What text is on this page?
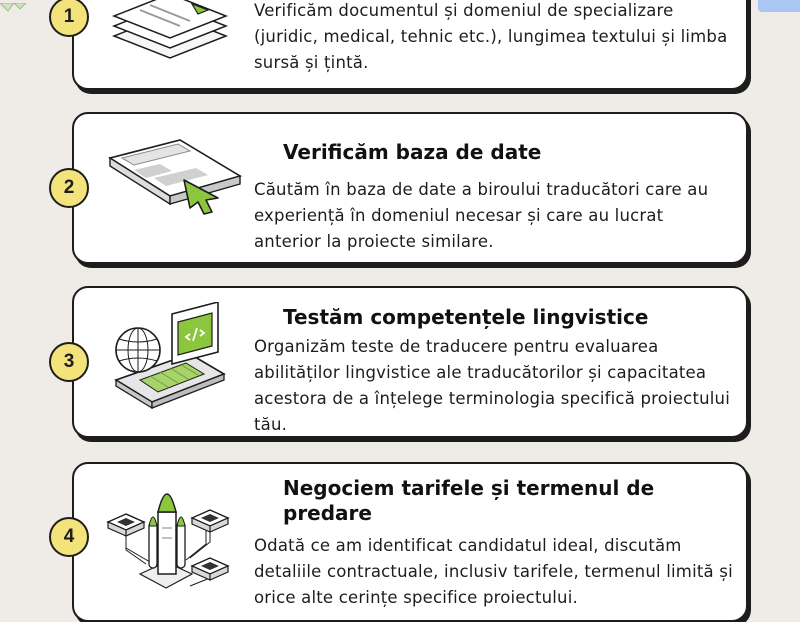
1	Verificăm documentul și domeniul de specializare (juridic, medical, tehnic etc.), lungimea textului și limba sursă și țintă.
2
Verificăm baza de date
Căutăm în baza de date a biroului traducători care au experiență în domeniul necesar și care au lucrat anterior la proiecte similare.
3
Testăm competențele lingvistice
Organizăm teste de traducere pentru evaluarea abilităților lingvistice ale traducătorilor și capacitatea acestora de a înțelege terminologia specifică proiectului tău.
4
Negociem tarifele și termenul de predare
Odată ce am identificat candidatul ideal, discutăm detaliile contractuale, inclusiv tarifele, termenul limită și orice alte cerințe specifice proiectului.
